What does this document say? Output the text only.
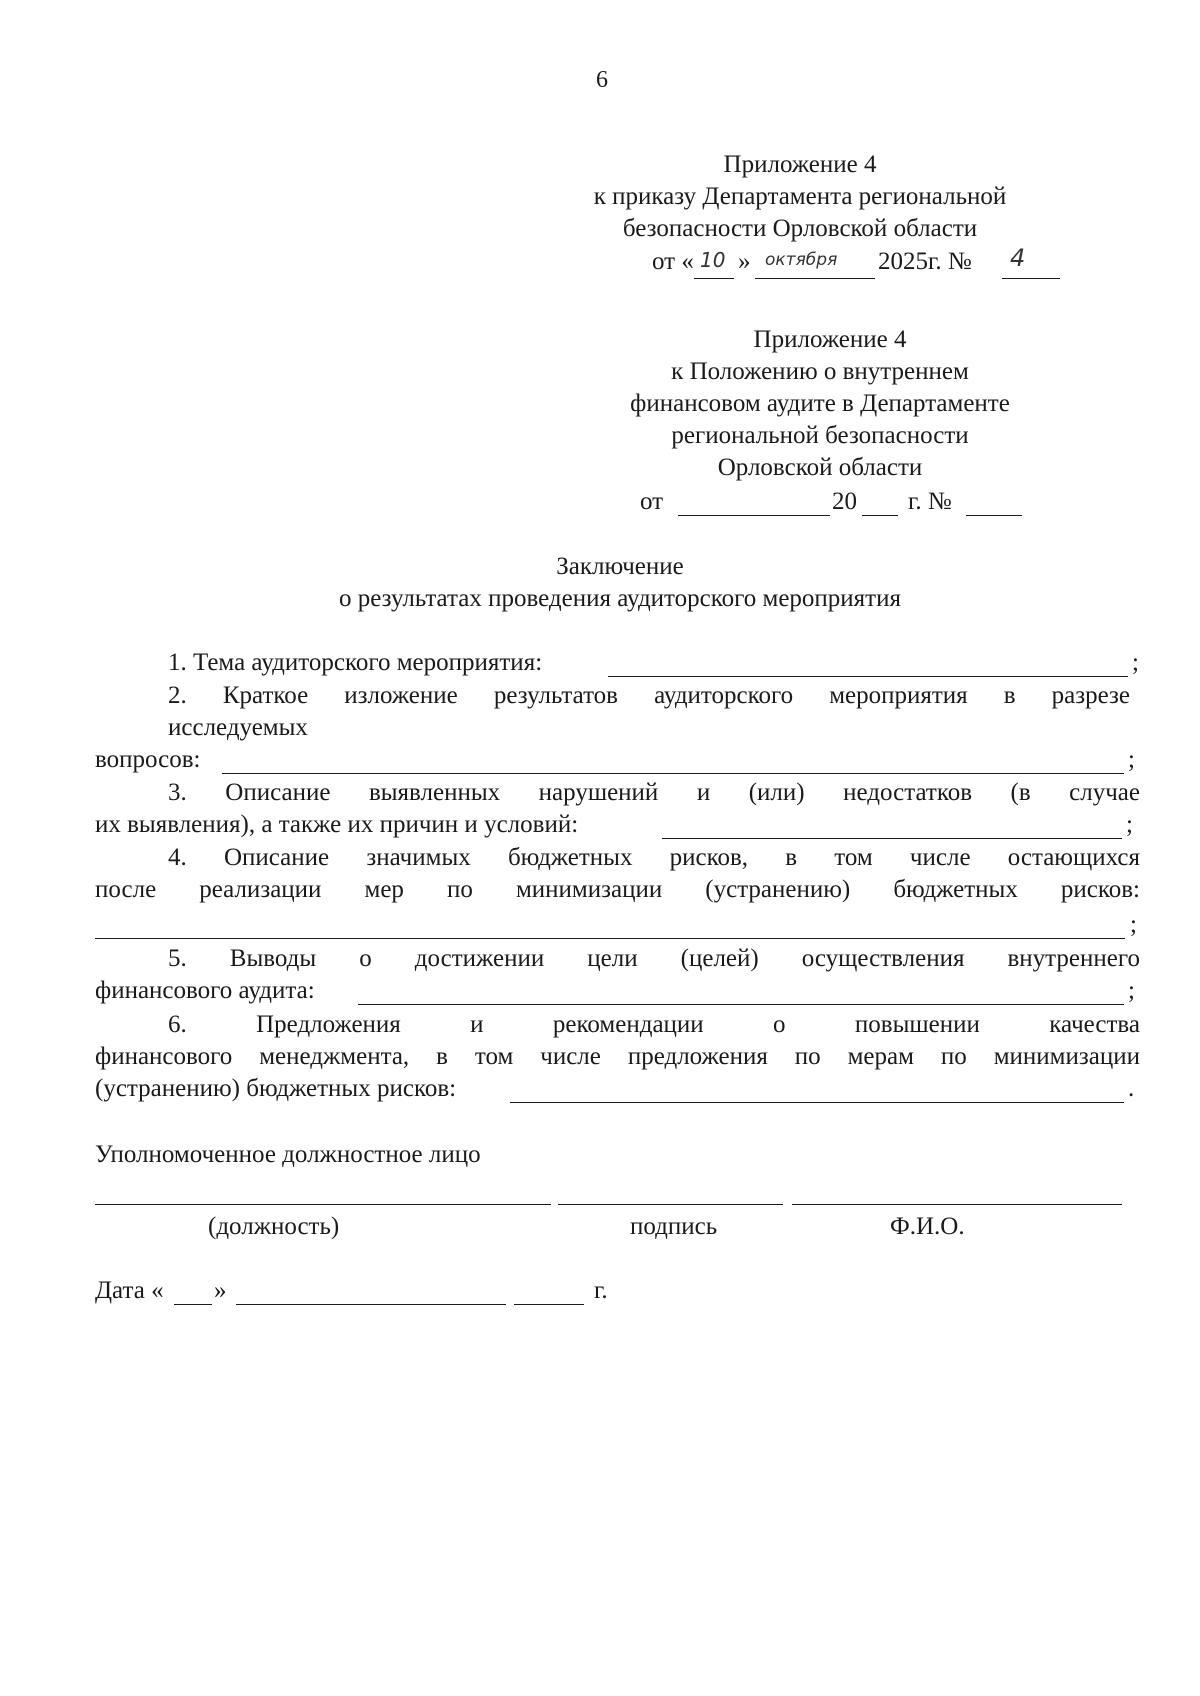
6
Приложение 4
к приказу Департамента региональной
безопасности Орловской области
от « 10 » октября 2025г. № 4
Приложение 4
к Положению о внутреннем
финансовом аудите в Департаменте
региональной безопасности
Орловской области
от	20 г. №
Заключение
о результатах проведения аудиторского мероприятия
1. Тема аудиторского мероприятия:	;
2. Краткое изложение результатов аудиторского мероприятия в разрезе
исследуемых
вопросов:	;
3. Описание выявленных нарушений и (или) недостатков (в случае
их выявления), а также их причин и условий:	;
4. Описание значимых бюджетных рисков, в том числе остающихся
после реализации мер по минимизации (устранению) бюджетных рисков:
;
5. Выводы о достижении цели (целей) осуществления внутреннего
финансового аудита:	;
6. Предложения и рекомендации о повышении качества
финансового менеджмента, в том числе предложения по мерам по минимизации
(устранению) бюджетных рисков:	.
Уполномоченное должностное лицо
(должность)	подпись	Ф.И.О.
Дата « »	г.
